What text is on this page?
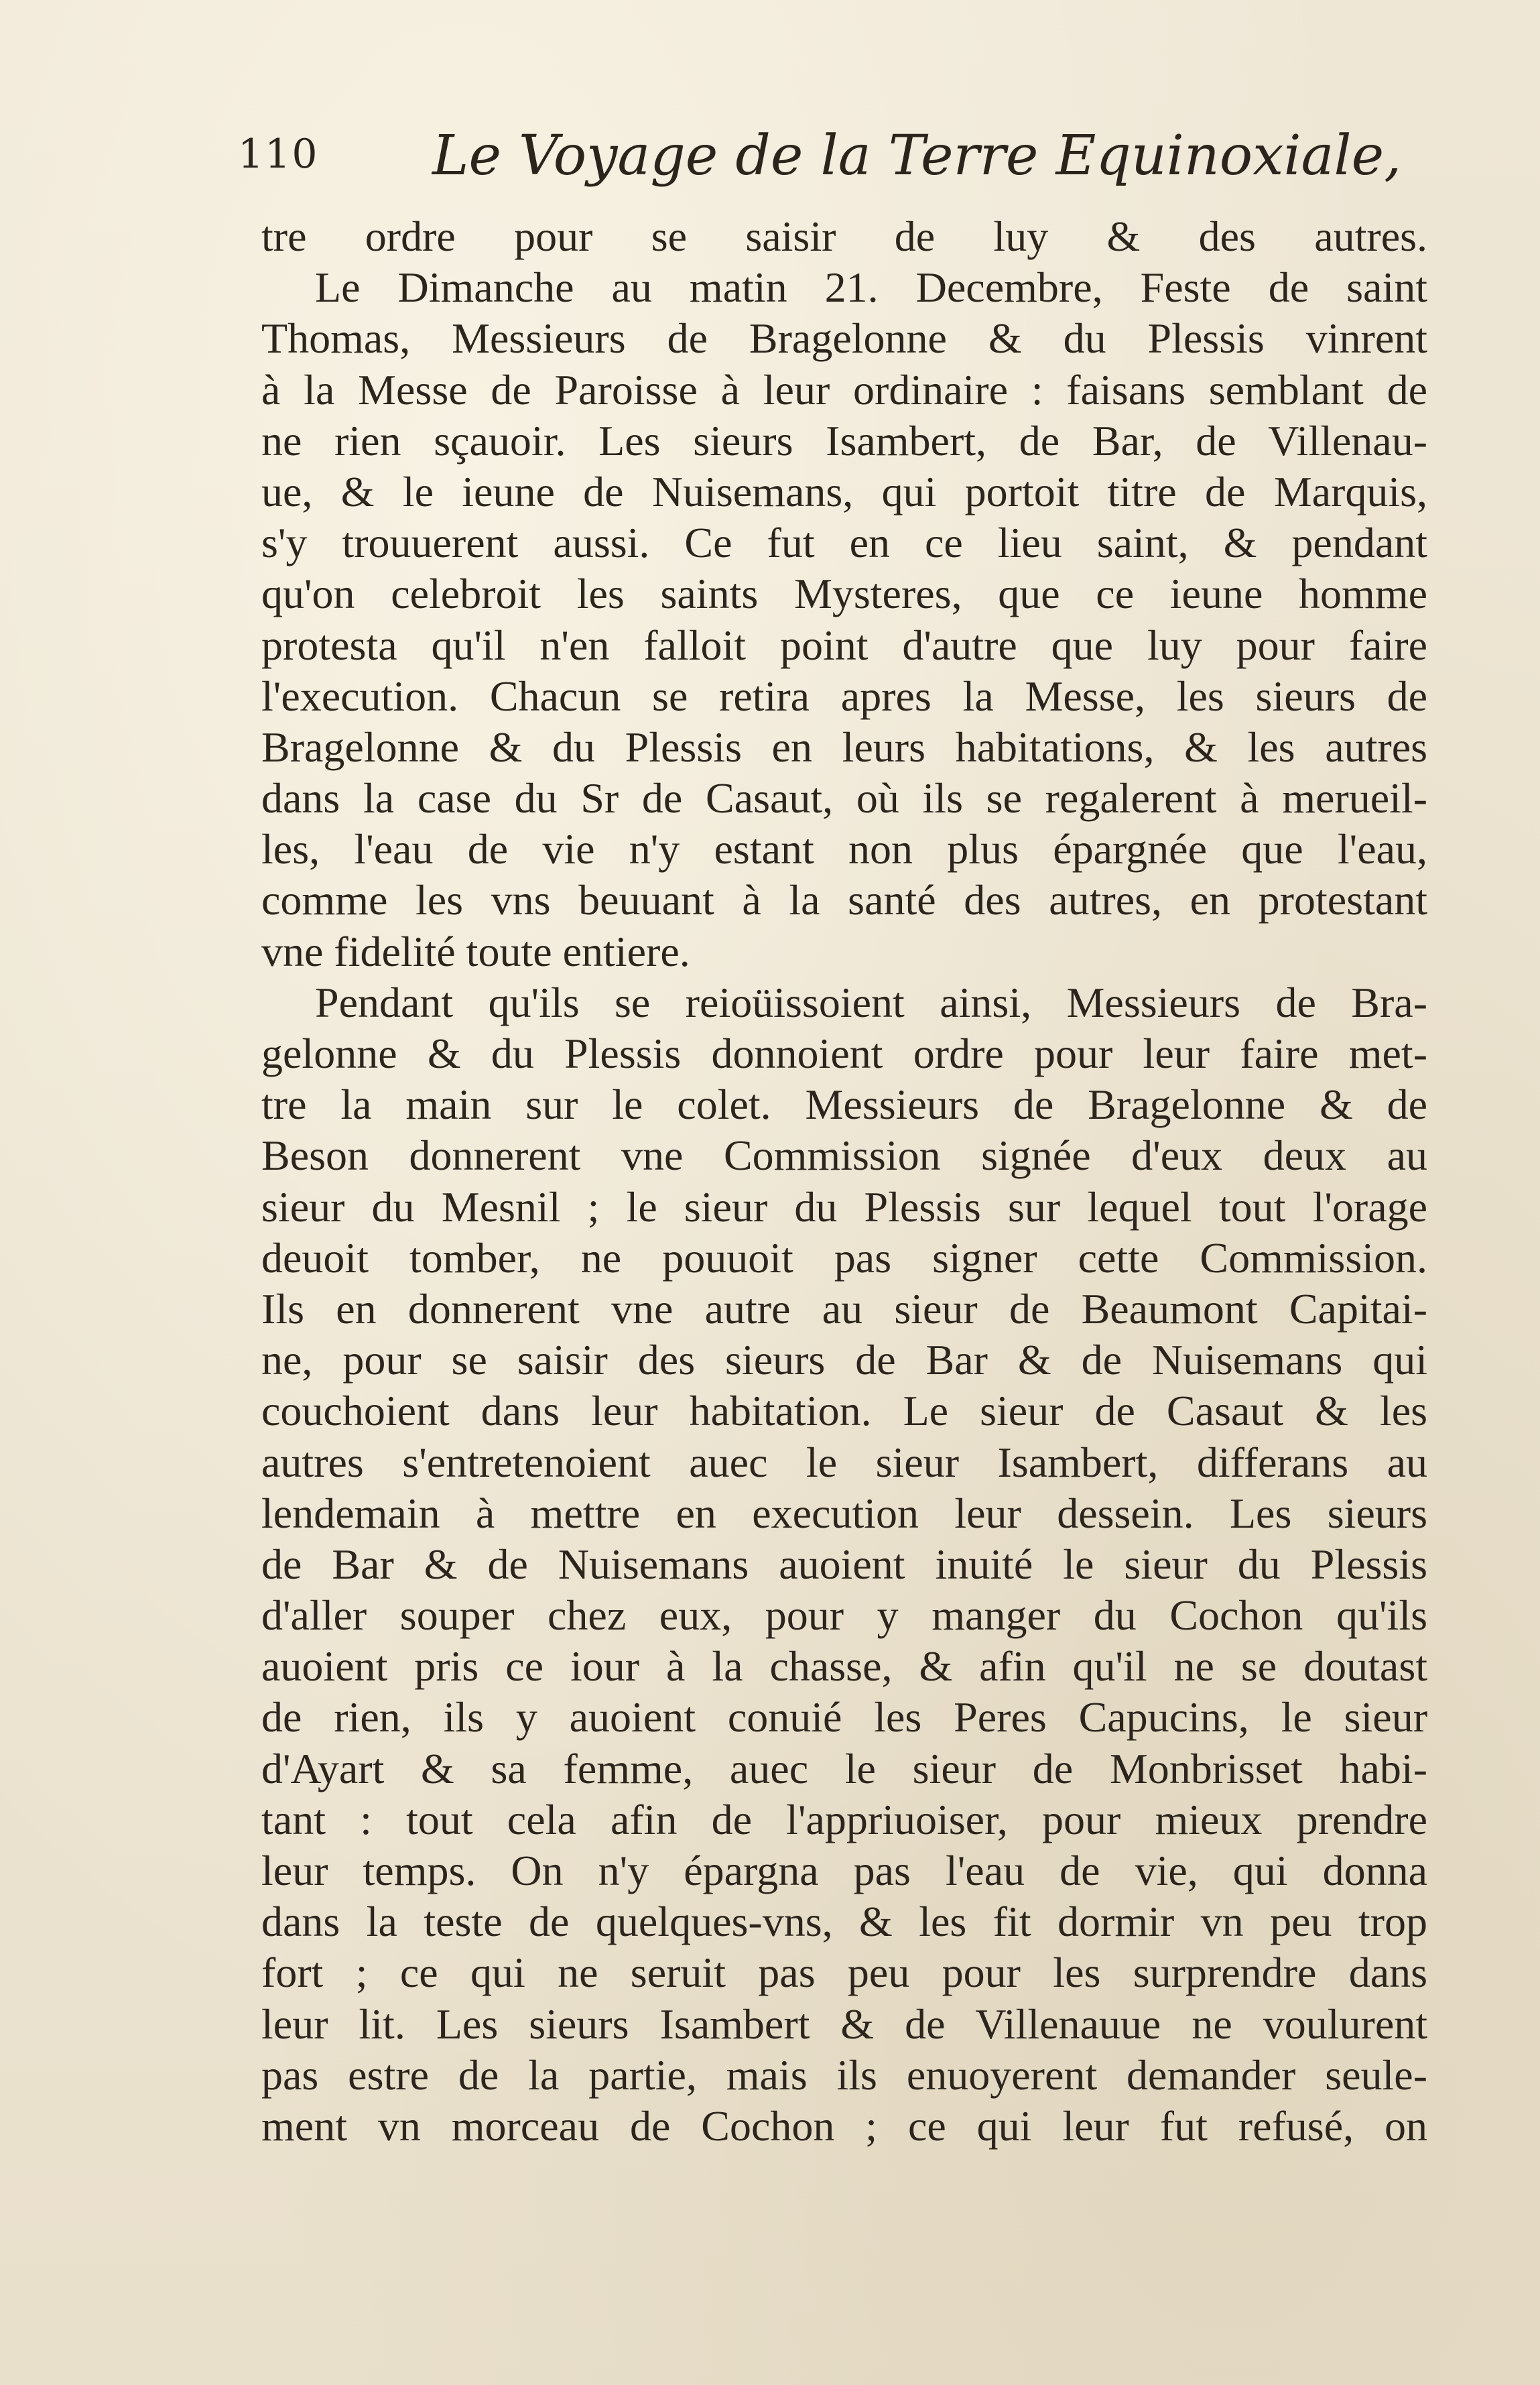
110 Le Voyage de la Terre Equinoxiale,
tre ordre pour se saisir de luy & des autres.
Le Dimanche au matin 21. Decembre, Feste de saint
Thomas, Messieurs de Bragelonne & du Plessis vinrent
à la Messe de Paroisse à leur ordinaire : faisans semblant de
ne rien sçauoir. Les sieurs Isambert, de Bar, de Villenau-
ue, & le ieune de Nuisemans, qui portoit titre de Marquis,
s'y trouuerent aussi. Ce fut en ce lieu saint, & pendant
qu'on celebroit les saints Mysteres, que ce ieune homme
protesta qu'il n'en falloit point d'autre que luy pour faire
l'execution. Chacun se retira apres la Messe, les sieurs de
Bragelonne & du Plessis en leurs habitations, & les autres
dans la case du Sr de Casaut, où ils se regalerent à merueil-
les, l'eau de vie n'y estant non plus épargnée que l'eau,
comme les vns beuuant à la santé des autres, en protestant
vne fidelité toute entiere.
Pendant qu'ils se reioüissoient ainsi, Messieurs de Bra-
gelonne & du Plessis donnoient ordre pour leur faire met-
tre la main sur le colet. Messieurs de Bragelonne & de
Beson donnerent vne Commission signée d'eux deux au
sieur du Mesnil ; le sieur du Plessis sur lequel tout l'orage
deuoit tomber, ne pouuoit pas signer cette Commission.
Ils en donnerent vne autre au sieur de Beaumont Capitai-
ne, pour se saisir des sieurs de Bar & de Nuisemans qui
couchoient dans leur habitation. Le sieur de Casaut & les
autres s'entretenoient auec le sieur Isambert, differans au
lendemain à mettre en execution leur dessein. Les sieurs
de Bar & de Nuisemans auoient inuité le sieur du Plessis
d'aller souper chez eux, pour y manger du Cochon qu'ils
auoient pris ce iour à la chasse, & afin qu'il ne se doutast
de rien, ils y auoient conuié les Peres Capucins, le sieur
d'Ayart & sa femme, auec le sieur de Monbrisset habi-
tant : tout cela afin de l'appriuoiser, pour mieux prendre
leur temps. On n'y épargna pas l'eau de vie, qui donna
dans la teste de quelques-vns, & les fit dormir vn peu trop
fort ; ce qui ne seruit pas peu pour les surprendre dans
leur lit. Les sieurs Isambert & de Villenauue ne voulurent
pas estre de la partie, mais ils enuoyerent demander seule-
ment vn morceau de Cochon ; ce qui leur fut refusé, on
